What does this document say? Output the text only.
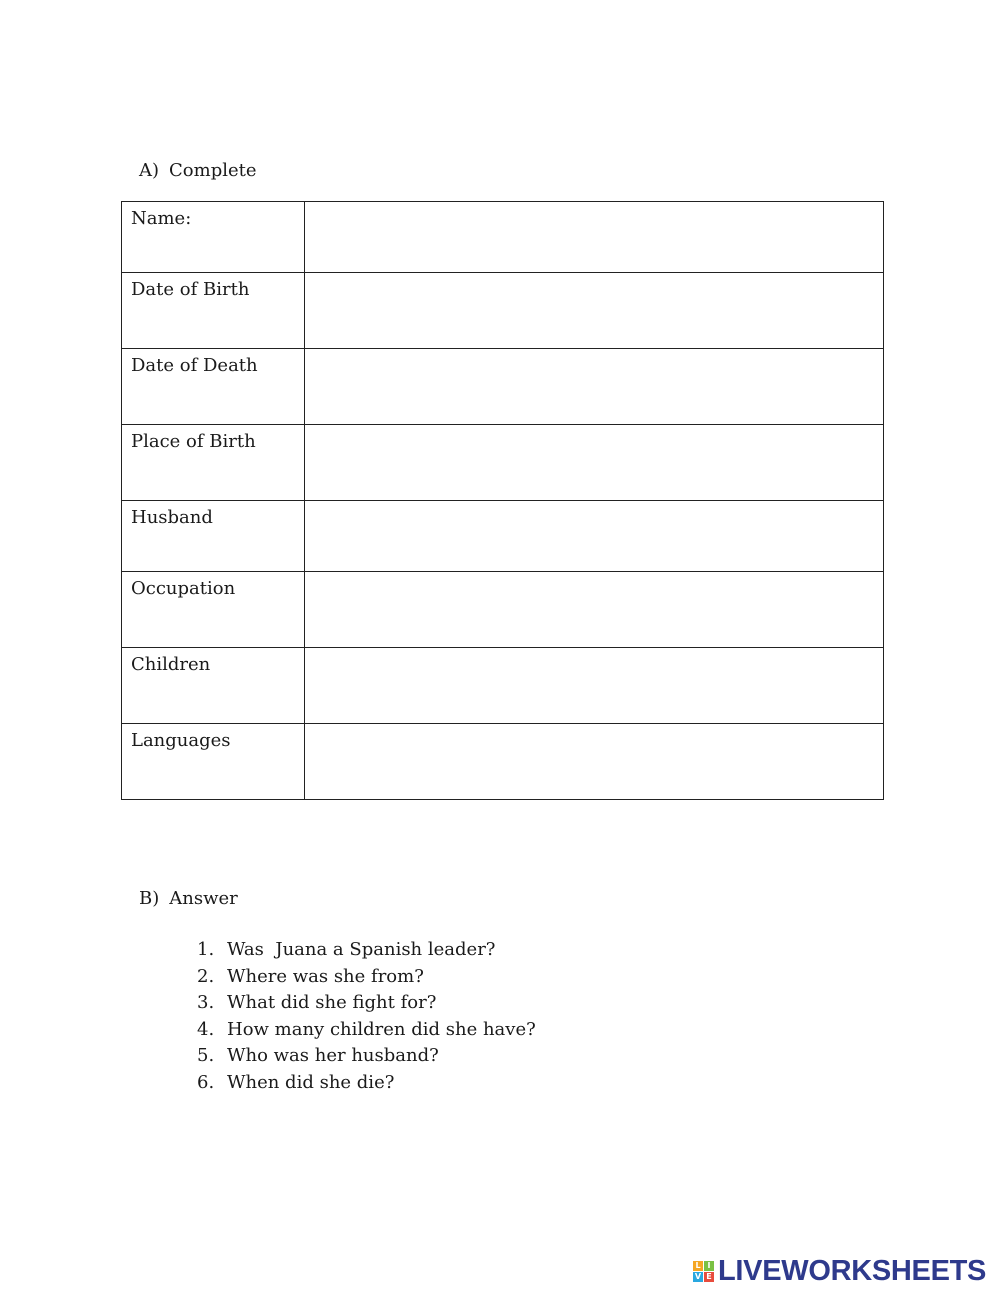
A) Complete
Name:	
Date of Birth	
Date of Death	
Place of Birth	
Husband	
Occupation	
Children	
Languages	
B) Answer
1. Was  Juana a Spanish leader?
2. Where was she from?
3. What did she fight for?
4. How many children did she have?
5. Who was her husband?
6. When did she die?
L I
V E LIVEWORKSHEETS
